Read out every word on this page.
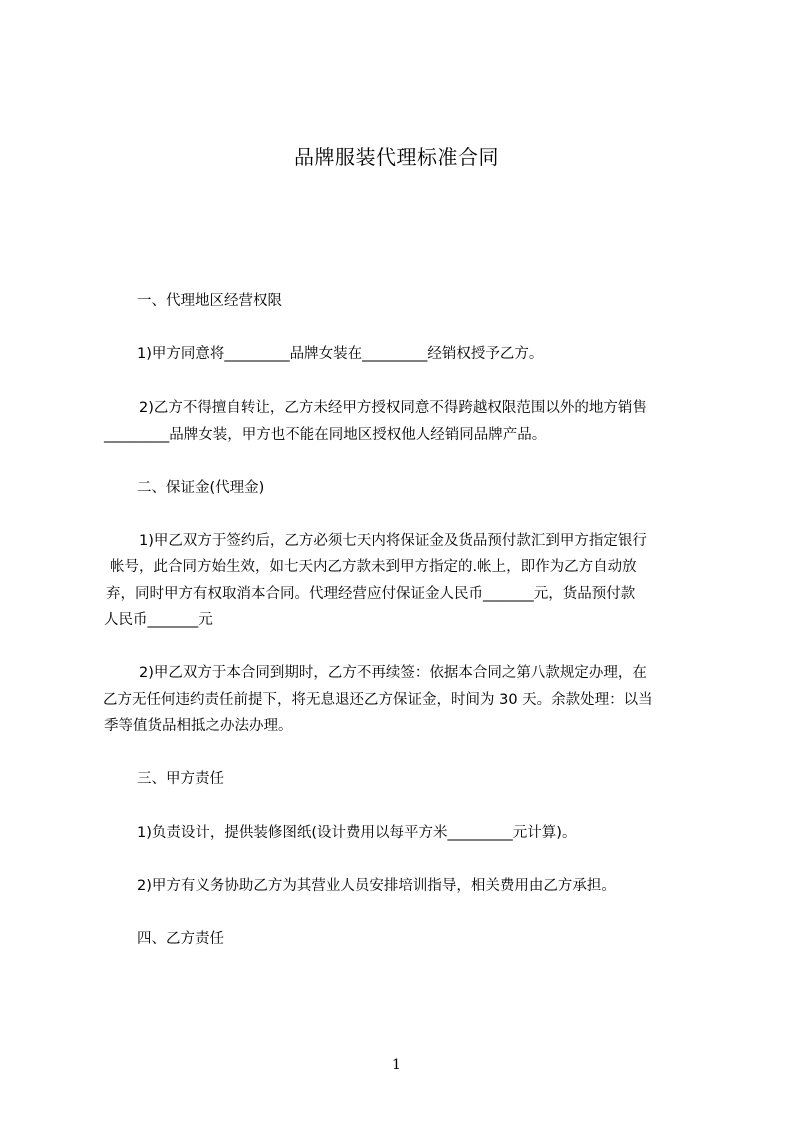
品牌服装代理标准合同
一、代理地区经营权限
1)甲方同意将_________品牌女装在_________经销权授予乙方。

2)乙方不得擅自转让，乙方未经甲方授权同意不得跨越权限范围以外的地方销售

_________品牌女装，甲方也不能在同地区授权他人经销同品牌产品。
二、保证金(代理金)

1)甲乙双方于签约后，乙方必须七天内将保证金及货品预付款汇到甲方指定银行

帐号，此合同方始生效，如七天内乙方款未到甲方指定的.帐上，即作为乙方自动放

弃，同时甲方有权取消本合同。代理经营应付保证金人民币_______元，货品预付款

人民币_______元

2)甲乙双方于本合同到期时，乙方不再续签：依据本合同之第八款规定办理，在

乙方无任何违约责任前提下，将无息退还乙方保证金，时间为 30 天。余款处理：以当

季等值货品相抵之办法办理。
三、甲方责任
1)负责设计，提供装修图纸(设计费用以每平方米_________元计算)。
2)甲方有义务协助乙方为其营业人员安排培训指导，相关费用由乙方承担。
四、乙方责任
1
